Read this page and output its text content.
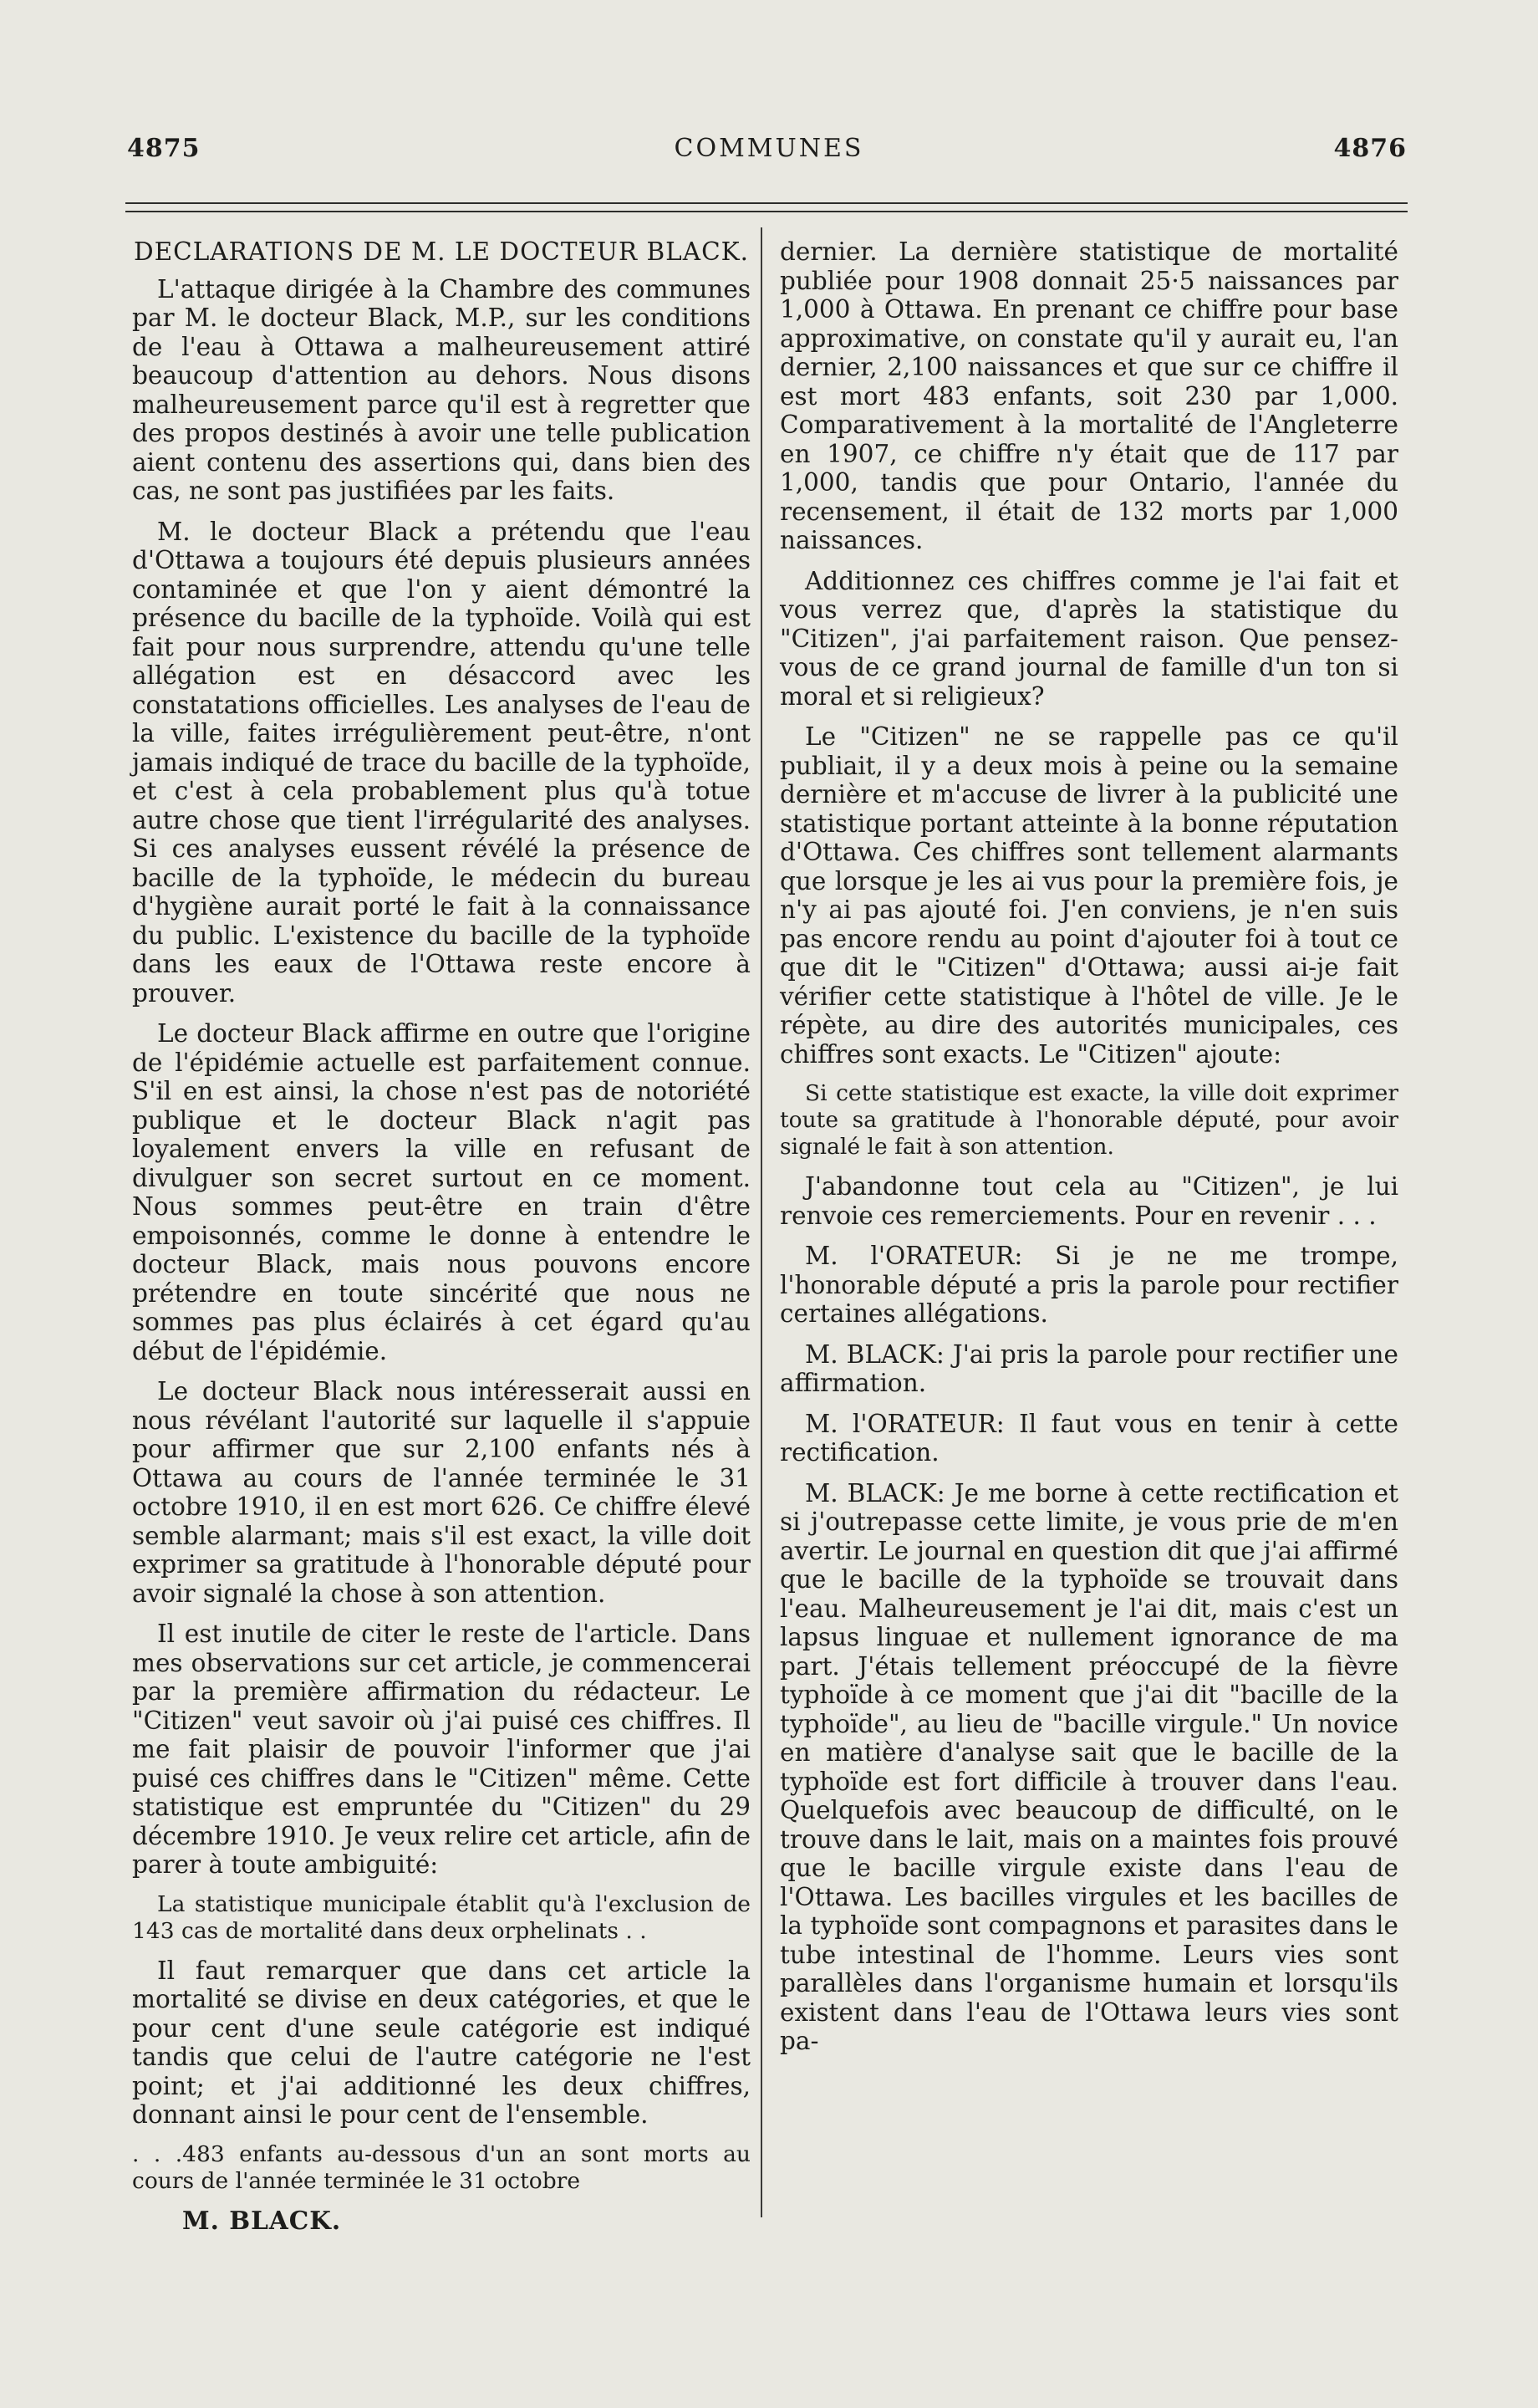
4875	COMMUNES	4876
DECLARATIONS DE M. LE DOCTEUR BLACK.

L'attaque dirigée à la Chambre des communes par M. le docteur Black, M.P., sur les conditions de l'eau à Ottawa a malheureusement attiré beaucoup d'attention au dehors. Nous disons malheureusement parce qu'il est à regretter que des propos destinés à avoir une telle publication aient contenu des assertions qui, dans bien des cas, ne sont pas justifiées par les faits.

M. le docteur Black a prétendu que l'eau d'Ottawa a toujours été depuis plusieurs années contaminée et que l'on y aient démontré la présence du bacille de la typhoïde. Voilà qui est fait pour nous surprendre, attendu qu'une telle allégation est en désaccord avec les constatations officielles. Les analyses de l'eau de la ville, faites irrégulièrement peut-être, n'ont jamais indiqué de trace du bacille de la typhoïde, et c'est à cela probablement plus qu'à totue autre chose que tient l'irrégularité des analyses. Si ces analyses eussent révélé la présence de bacille de la typhoïde, le médecin du bureau d'hygiène aurait porté le fait à la connaissance du public. L'existence du bacille de la typhoïde dans les eaux de l'Ottawa reste encore à prouver.

Le docteur Black affirme en outre que l'origine de l'épidémie actuelle est parfaitement connue. S'il en est ainsi, la chose n'est pas de notoriété publique et le docteur Black n'agit pas loyalement envers la ville en refusant de divulguer son secret surtout en ce moment. Nous sommes peut-être en train d'être empoisonnés, comme le donne à entendre le docteur Black, mais nous pouvons encore prétendre en toute sincérité que nous ne sommes pas plus éclairés à cet égard qu'au début de l'épidémie.

Le docteur Black nous intéresserait aussi en nous révélant l'autorité sur laquelle il s'appuie pour affirmer que sur 2,100 enfants nés à Ottawa au cours de l'année terminée le 31 octobre 1910, il en est mort 626. Ce chiffre élevé semble alarmant; mais s'il est exact, la ville doit exprimer sa gratitude à l'honorable député pour avoir signalé la chose à son attention.

Il est inutile de citer le reste de l'article. Dans mes observations sur cet article, je commencerai par la première affirmation du rédacteur. Le "Citizen" veut savoir où j'ai puisé ces chiffres. Il me fait plaisir de pouvoir l'informer que j'ai puisé ces chiffres dans le "Citizen" même. Cette statistique est empruntée du "Citizen" du 29 décembre 1910. Je veux relire cet article, afin de parer à toute ambiguité:

La statistique municipale établit qu'à l'exclusion de 143 cas de mortalité dans deux orphelinats . .

Il faut remarquer que dans cet article la mortalité se divise en deux catégories, et que le pour cent d'une seule catégorie est indiqué tandis que celui de l'autre catégorie ne l'est point; et j'ai additionné les deux chiffres, donnant ainsi le pour cent de l'ensemble.

. . .483 enfants au-dessous d'un an sont morts au cours de l'année terminée le 31 octobre

M. BLACK.

dernier. La dernière statistique de mortalité publiée pour 1908 donnait 25·5 naissances par 1,000 à Ottawa. En prenant ce chiffre pour base approximative, on constate qu'il y aurait eu, l'an dernier, 2,100 naissances et que sur ce chiffre il est mort 483 enfants, soit 230 par 1,000. Comparativement à la mortalité de l'Angleterre en 1907, ce chiffre n'y était que de 117 par 1,000, tandis que pour Ontario, l'année du recensement, il était de 132 morts par 1,000 naissances.

Additionnez ces chiffres comme je l'ai fait et vous verrez que, d'après la statistique du "Citizen", j'ai parfaitement raison. Que pensez-vous de ce grand journal de famille d'un ton si moral et si religieux?

Le "Citizen" ne se rappelle pas ce qu'il publiait, il y a deux mois à peine ou la semaine dernière et m'accuse de livrer à la publicité une statistique portant atteinte à la bonne réputation d'Ottawa. Ces chiffres sont tellement alarmants que lorsque je les ai vus pour la première fois, je n'y ai pas ajouté foi. J'en conviens, je n'en suis pas encore rendu au point d'ajouter foi à tout ce que dit le "Citizen" d'Ottawa; aussi ai-je fait vérifier cette statistique à l'hôtel de ville. Je le répète, au dire des autorités municipales, ces chiffres sont exacts. Le "Citizen" ajoute:

Si cette statistique est exacte, la ville doit exprimer toute sa gratitude à l'honorable député, pour avoir signalé le fait à son attention.

J'abandonne tout cela au "Citizen", je lui renvoie ces remerciements. Pour en revenir . . .

M. l'ORATEUR: Si je ne me trompe, l'honorable député a pris la parole pour rectifier certaines allégations.

M. BLACK: J'ai pris la parole pour rectifier une affirmation.

M. l'ORATEUR: Il faut vous en tenir à cette rectification.

M. BLACK: Je me borne à cette rectification et si j'outrepasse cette limite, je vous prie de m'en avertir. Le journal en question dit que j'ai affirmé que le bacille de la typhoïde se trouvait dans l'eau. Malheureusement je l'ai dit, mais c'est un lapsus linguae et nullement ignorance de ma part. J'étais tellement préoccupé de la fièvre typhoïde à ce moment que j'ai dit "bacille de la typhoïde", au lieu de "bacille virgule." Un novice en matière d'analyse sait que le bacille de la typhoïde est fort difficile à trouver dans l'eau. Quelquefois avec beaucoup de difficulté, on le trouve dans le lait, mais on a maintes fois prouvé que le bacille virgule existe dans l'eau de l'Ottawa. Les bacilles virgules et les bacilles de la typhoïde sont compagnons et parasites dans le tube intestinal de l'homme. Leurs vies sont parallèles dans l'organisme humain et lorsqu'ils existent dans l'eau de l'Ottawa leurs vies sont pa-
